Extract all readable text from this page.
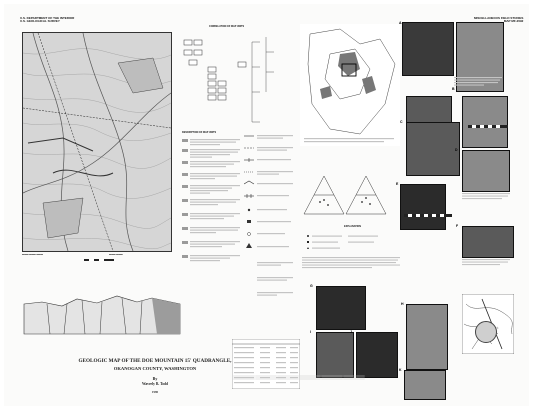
U.S. DEPARTMENT OF THE INTERIOR
U.S. GEOLOGICAL SURVEY
MISCELLANEOUS FIELD STUDIES
MAP MF-2092
▬▬▬ ▬▬▬ ▬▬▬	▬▬▬ ▬▬▬
GEOLOGIC MAP OF THE DOE MOUNTAIN 15' QUADRANGLE,
OKANOGAN COUNTY, WASHINGTON
By
Waverly R. Todd
1990
CORRELATION OF MAP UNITS
DESCRIPTION OF MAP UNITS
EXPLANATION
A
B
C
D
E
F
G
H
I	J
K
✎
▔▔▔▔▔▔
